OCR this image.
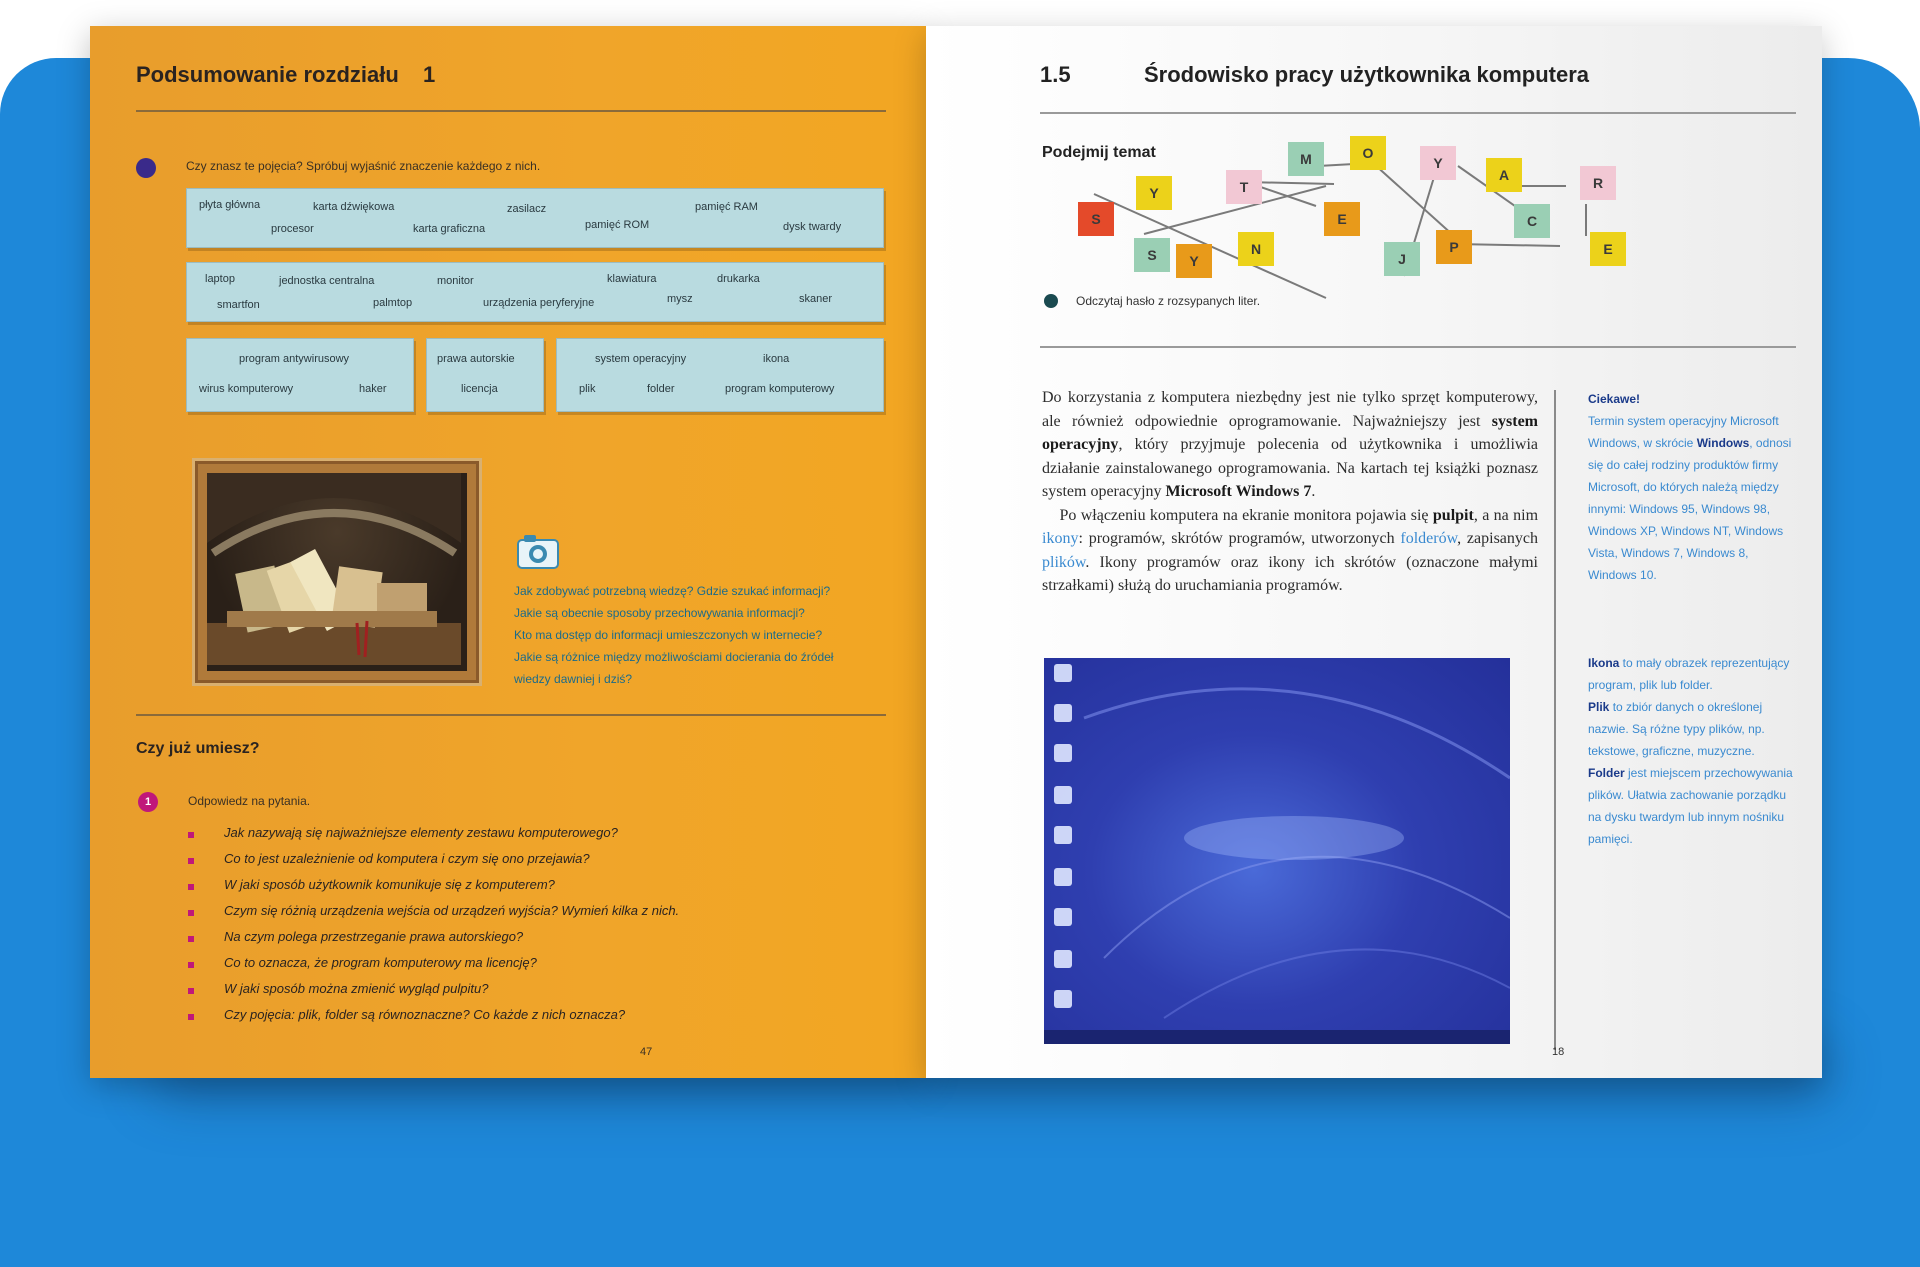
Podsumowanie rozdziału 1
Czy znasz te pojęcia? Spróbuj wyjaśnić znaczenie każdego z nich.
płyta główna	karta dźwiękowa	zasilacz	pamięć RAM
procesor	karta graficzna	pamięć ROM	dysk twardy
laptop	jednostka centralna	monitor	klawiatura	drukarka
smartfon	palmtop	urządzenia peryferyjne	mysz	skaner
program antywirusowy
wirus komputerowy	haker
prawa autorskie
licencja
system operacyjny	ikona
plik	folder	program komputerowy
Jak zdobywać potrzebną wiedzę? Gdzie szukać informacji?
Jakie są obecnie sposoby przechowywania informacji?
Kto ma dostęp do informacji umieszczonych w internecie?
Jakie są różnice między możliwościami docierania do źródeł
wiedzy dawniej i dziś?
Czy już umiesz?
1	Odpowiedz na pytania.
Jak nazywają się najważniejsze elementy zestawu komputerowego?
Co to jest uzależnienie od komputera i czym się ono przejawia?
W jaki sposób użytkownik komunikuje się z komputerem?
Czym się różnią urządzenia wejścia od urządzeń wyjścia? Wymień kilka z nich.
Na czym polega przestrzeganie prawa autorskiego?
Co to oznacza, że program komputerowy ma licencję?
W jaki sposób można zmienić wygląd pulpitu?
Czy pojęcia: plik, folder są równoznaczne? Co każde z nich oznacza?
47
1.5	Środowisko pracy użytkownika komputera
Podejmij temat
S
Y	T
M	O
Y
A	R
S	Y
N
E
J
P
C
E
Odczytaj hasło z rozsypanych liter.

Do korzystania z komputera niezbędny jest nie tylko sprzęt komputerowy, ale również odpowiednie oprogramowanie. Najważniejszy jest system operacyjny, który przyjmuje polecenia od użytkownika i umożliwia działanie zainstalowanego oprogramowania. Na kartach tej książki poznasz system operacyjny Microsoft Windows 7.
Po włączeniu komputera na ekranie monitora pojawia się pulpit, a na nim ikony: programów, skrótów programów, utworzonych folderów, zapisanych plików. Ikony programów oraz ikony ich skrótów (oznaczone małymi strzałkami) służą do uruchamiania programów.

Ciekawe!
Termin system operacyjny Microsoft Windows, w skrócie Windows, odnosi się do całej rodziny produktów firmy Microsoft, do których należą między innymi: Windows 95, Windows 98, Windows XP, Windows NT, Windows Vista, Windows 7, Windows 8, Windows 10.
Ikona to mały obrazek reprezentujący program, plik lub folder.
Plik to zbiór danych o określonej nazwie. Są różne typy plików, np. tekstowe, graficzne, muzyczne.
Folder jest miejscem przechowywania plików. Ułatwia zachowanie porządku na dysku twardym lub innym nośniku pamięci.
18
